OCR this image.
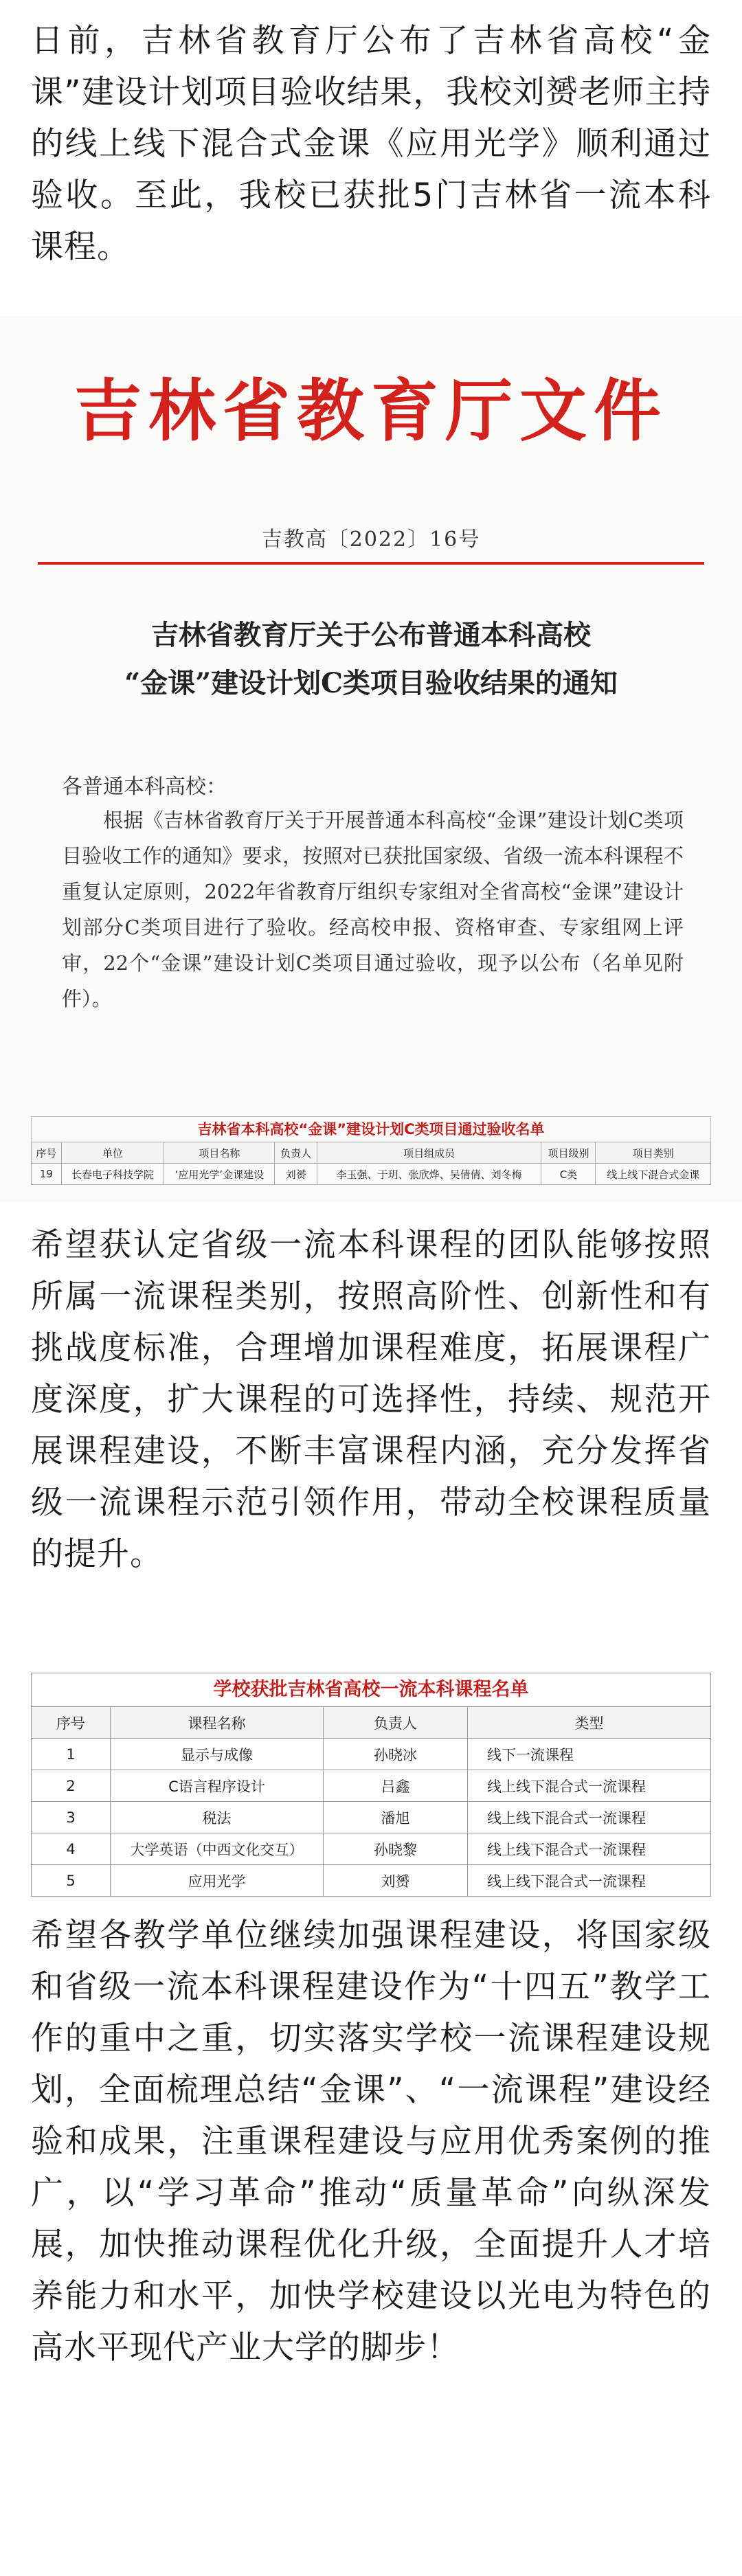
日前，吉林省教育厅公布了吉林省高校“金课”建设计划项目验收结果，我校刘赟老师主持的线上线下混合式金课《应用光学》顺利通过验收。至此，我校已获批5门吉林省一流本科课程。

吉林省教育厅文件
吉教高〔2022〕16号
吉林省教育厅关于公布普通本科高校
“金课”建设计划C类项目验收结果的通知
各普通本科高校：
根据《吉林省教育厅关于开展普通本科高校“金课”建设计划C类项目验收工作的通知》要求，按照对已获批国家级、省级一流本科课程不重复认定原则，2022年省教育厅组织专家组对全省高校“金课”建设计划部分C类项目进行了验收。经高校申报、资格审查、专家组网上评审，22个“金课”建设计划C类项目通过验收，现予以公布（名单见附件）。
吉林省本科高校“金课”建设计划C类项目通过验收名单
序号	单位	项目名称	负责人	项目组成员	项目级别	项目类别
19	长春电子科技学院	‘应用光学’金课建设	刘赟	李玉强、于玥、张欣烨、吴倩倩、刘冬梅	C类	线上线下混合式金课

希望获认定省级一流本科课程的团队能够按照所属一流课程类别，按照高阶性、创新性和有挑战度标准，合理增加课程难度，拓展课程广度深度，扩大课程的可选择性，持续、规范开展课程建设，不断丰富课程内涵，充分发挥省级一流课程示范引领作用，带动全校课程质量的提升。

学校获批吉林省高校一流本科课程名单
序号	课程名称	负责人	类型
1	显示与成像	孙晓冰	线下一流课程
2	C语言程序设计	吕鑫	线上线下混合式一流课程
3	税法	潘旭	线上线下混合式一流课程
4	大学英语（中西文化交互）	孙晓黎	线上线下混合式一流课程
5	应用光学	刘赟	线上线下混合式一流课程

希望各教学单位继续加强课程建设，将国家级和省级一流本科课程建设作为“十四五”教学工作的重中之重，切实落实学校一流课程建设规划，全面梳理总结“金课”、“一流课程”建设经验和成果，注重课程建设与应用优秀案例的推广，以“学习革命”推动“质量革命”向纵深发展，加快推动课程优化升级，全面提升人才培养能力和水平，加快学校建设以光电为特色的高水平现代产业大学的脚步！
